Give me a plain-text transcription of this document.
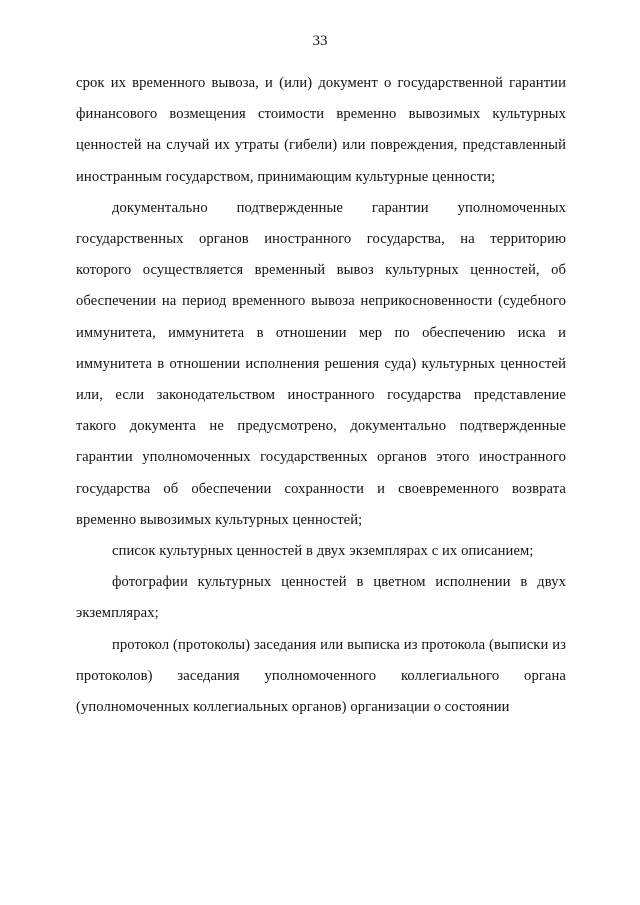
33

срок их временного вывоза, и (или) документ о государственной гарантии финансового возмещения стоимости временно вывозимых культурных ценностей на случай их утраты (гибели) или повреждения, представленный иностранным государством, принимающим культурные ценности;

документально подтвержденные гарантии уполномоченных государственных органов иностранного государства, на территорию которого осуществляется временный вывоз культурных ценностей, об обеспечении на период временного вывоза неприкосновенности (судебного иммунитета, иммунитета в отношении мер по обеспечению иска и иммунитета в отношении исполнения решения суда) культурных ценностей или, если законодательством иностранного государства представление такого документа не предусмотрено, документально подтвержденные гарантии уполномоченных государственных органов этого иностранного государства об обеспечении сохранности и своевременного возврата временно вывозимых культурных ценностей;

список культурных ценностей в двух экземплярах с их описанием;

фотографии культурных ценностей в цветном исполнении в двух экземплярах;

протокол (протоколы) заседания или выписка из протокола (выписки из протоколов) заседания уполномоченного коллегиального органа (уполномоченных коллегиальных органов) организации о состоянии
